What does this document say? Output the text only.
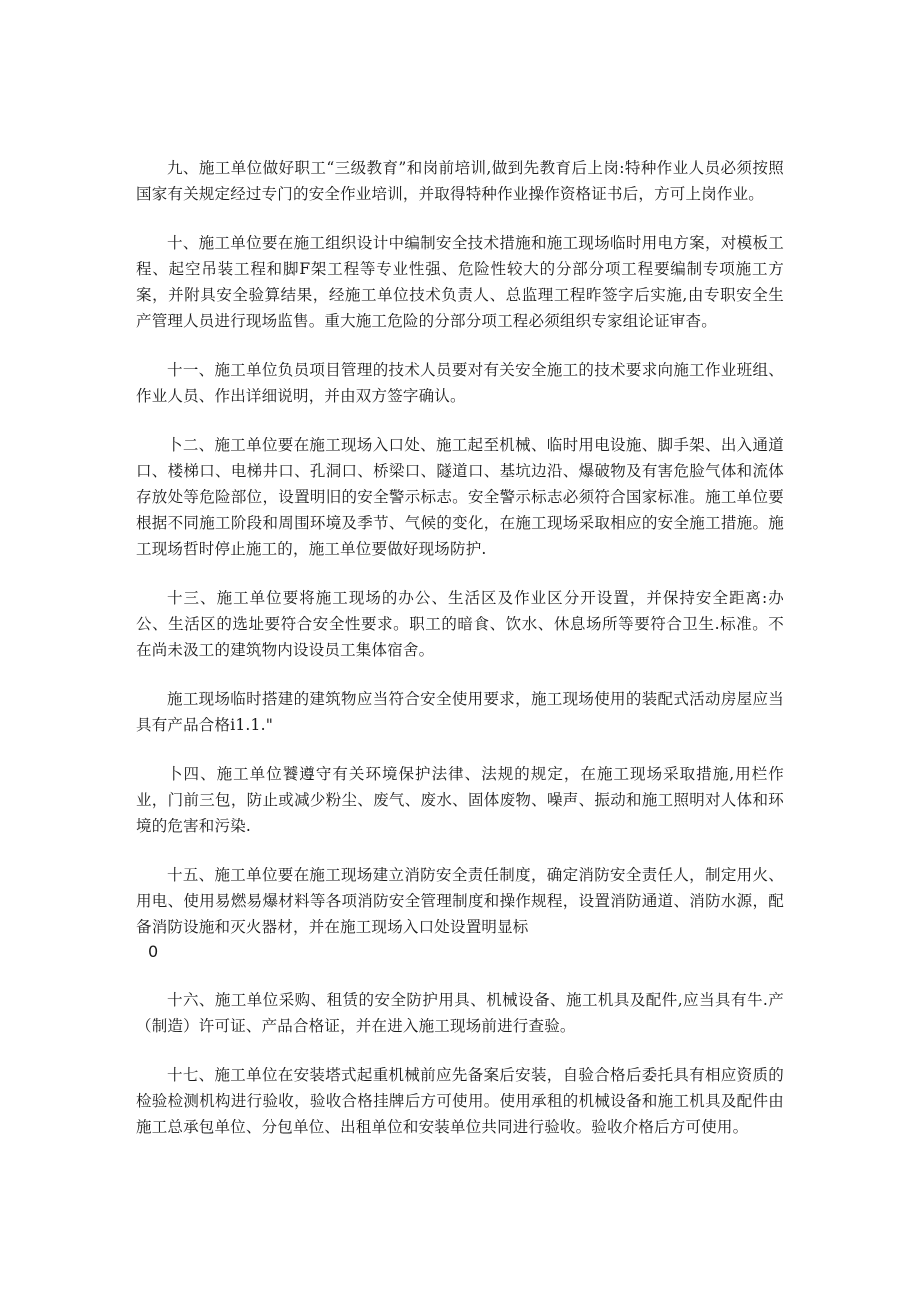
九、施工单位做好职工“三级教育”和岗前培训,做到先教育后上岗:特种作业人员必须按照国家有关规定经过专门的安全作业培训，并取得特种作业操作资格证书后，方可上岗作业。

十、施工单位要在施工组织设计中编制安全技术措施和施工现场临时用电方案，对模板工程、起空吊装工程和脚F架工程等专业性强、危险性较大的分部分项工程要编制专项施工方案，并附具安全验算结果，经施工单位技术负责人、总监理工程昨签字后实施,由专职安全生产管理人员进行现场监售。重大施工危险的分部分项工程必须组织专家组论证审杳。

十一、施工单位负员项目管理的技术人员要对有关安全施工的技术要求向施工作业班组、作业人员、作出详细说明，并由双方签字确认。

卜二、施工单位要在施工现场入口处、施工起至机械、临时用电设施、脚手架、出入通道口、楼梯口、电梯井口、孔洞口、桥梁口、隧道口、基坑边沿、爆破物及有害危脸气体和流体存放处等危险部位，设置明旧的安全警示标志。安全警示标志必须符合国家标准。施工单位要根据不同施工阶段和周围环境及季节、气候的变化，在施工现场采取相应的安全施工措施。施工现场哲时停止施工的，施工单位要做好现场防护.

十三、施工单位要将施工现场的办公、生活区及作业区分开设置，并保持安全距离:办公、生活区的选址要符合安全性要求。职工的暗食、饮水、休息场所等要符合卫生.标准。不在尚未汲工的建筑物内设设员工集体宿舍。

施工现场临时搭建的建筑物应当符合安全使用要求，施工现场使用的装配式活动房屋应当具有产品合格i1.1."

卜四、施工单位饕遵守有关环境保护法律、法规的规定，在施工现场采取措施,用栏作业，门前三包，防止或减少粉尘、废气、废水、固体废物、噪声、振动和施工照明对人体和环境的危害和污染.

十五、施工单位要在施工现场建立消防安全责任制度，确定消防安全责任人，制定用火、用电、使用易燃易爆材料等各项消防安全管理制度和操作规程，设置消防通道、消防水源，配备消防设施和灭火器材，并在施工现场入口处设置明显标

0

十六、施工单位采购、租赁的安全防护用具、机械设备、施工机具及配件,应当具有牛.产（制造）许可证、产品合格证，并在进入施工现场前进行查验。

十七、施工单位在安装塔式起重机械前应先备案后安装，自验合格后委托具有相应资质的检验检测机构进行验收，验收合格挂牌后方可使用。使用承租的机械设备和施工机具及配件由施工总承包单位、分包单位、出租单位和安装单位共同进行验收。验收介格后方可使用。
